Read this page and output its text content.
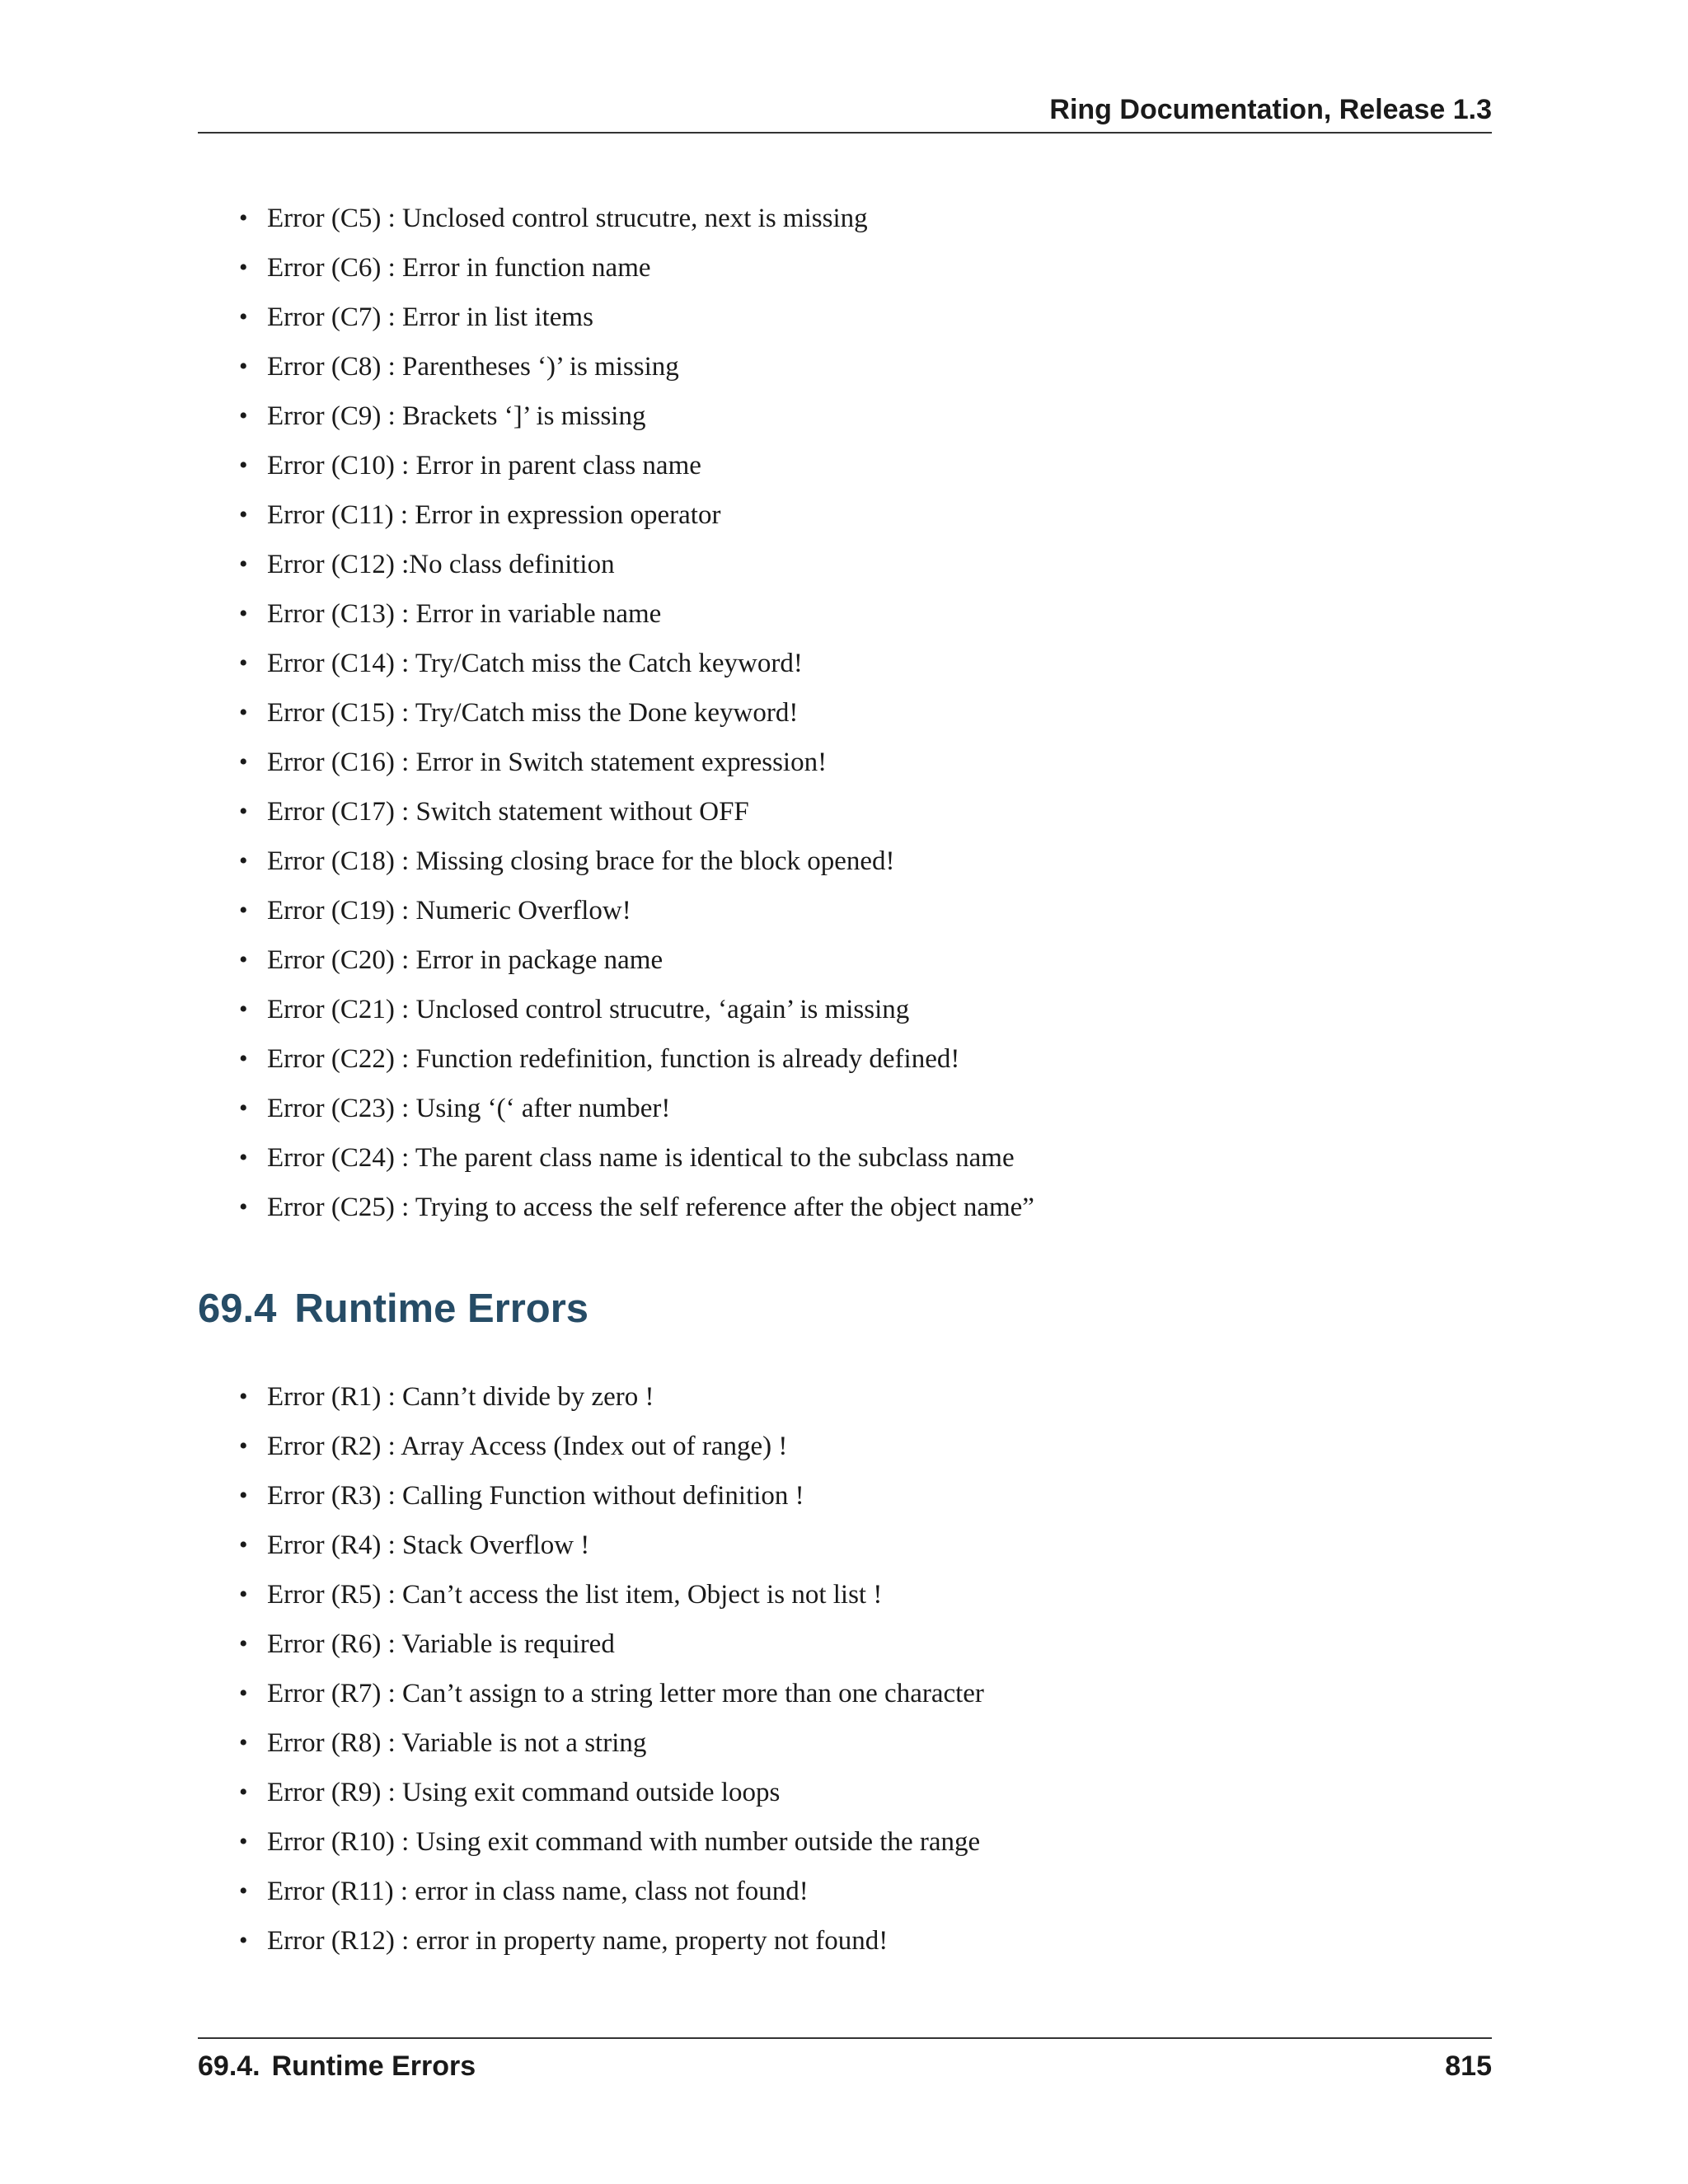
Ring Documentation, Release 1.3
• Error (C5) : Unclosed control strucutre, next is missing
• Error (C6) : Error in function name
• Error (C7) : Error in list items
• Error (C8) : Parentheses ‘)’ is missing
• Error (C9) : Brackets ‘]’ is missing
• Error (C10) : Error in parent class name
• Error (C11) : Error in expression operator
• Error (C12) :No class definition
• Error (C13) : Error in variable name
• Error (C14) : Try/Catch miss the Catch keyword!
• Error (C15) : Try/Catch miss the Done keyword!
• Error (C16) : Error in Switch statement expression!
• Error (C17) : Switch statement without OFF
• Error (C18) : Missing closing brace for the block opened!
• Error (C19) : Numeric Overflow!
• Error (C20) : Error in package name
• Error (C21) : Unclosed control strucutre, ‘again’ is missing
• Error (C22) : Function redefinition, function is already defined!
• Error (C23) : Using ‘(‘ after number!
• Error (C24) : The parent class name is identical to the subclass name
• Error (C25) : Trying to access the self reference after the object name”
69.4 Runtime Errors
• Error (R1) : Cann’t divide by zero !
• Error (R2) : Array Access (Index out of range) !
• Error (R3) : Calling Function without definition !
• Error (R4) : Stack Overflow !
• Error (R5) : Can’t access the list item, Object is not list !
• Error (R6) : Variable is required
• Error (R7) : Can’t assign to a string letter more than one character
• Error (R8) : Variable is not a string
• Error (R9) : Using exit command outside loops
• Error (R10) : Using exit command with number outside the range
• Error (R11) : error in class name, class not found!
• Error (R12) : error in property name, property not found!
69.4. Runtime Errors	815
